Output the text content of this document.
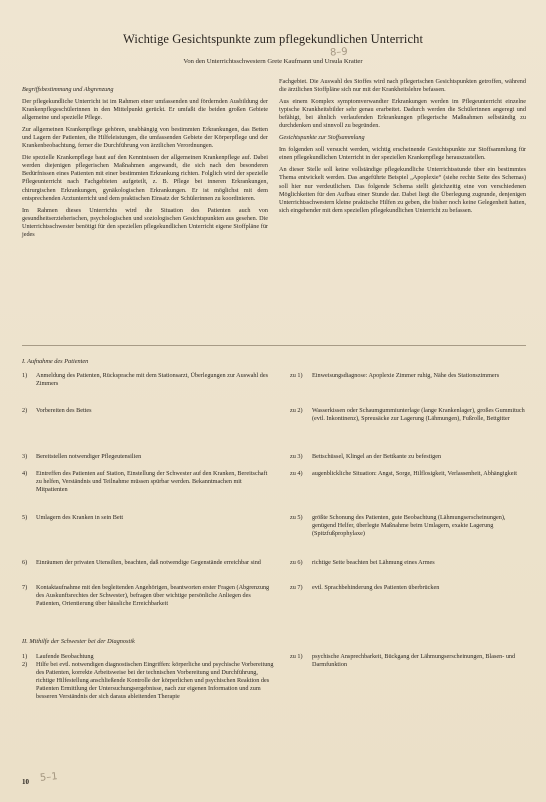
Wichtige Gesichtspunkte zum pflegekundlichen Unterricht
8–9
Von den Unterrichtsschwestern Grete Kaufmann und Ursula Kratter

Begriffsbestimmung und Abgrenzung

Der pflegekundliche Unterricht ist im Rahmen einer umfassenden und fördernden Ausbildung der Krankenpflegeschülerinnen in den Mittelpunkt gerückt. Er umfaßt die beiden großen Gebiete allgemeine und spezielle Pflege.

Zur allgemeinen Krankenpflege gehören, unabhängig von bestimmten Erkrankungen, das Betten und Lagern der Patienten, die Hilfeleistungen, die umfassenden Gebiete der Körperpflege und der Krankenbeobachtung, ferner die Durchführung von ärztlichen Verordnungen.

Die spezielle Krankenpflege baut auf den Kenntnissen der allgemeinen Krankenpflege auf. Dabei werden diejenigen pflegerischen Maßnahmen angewandt, die sich nach den besonderen Bedürfnissen eines Patienten mit einer bestimmten Erkrankung richten. Folglich wird der spezielle Pflegeunterricht nach Fachgebieten aufgeteilt, z. B. Pflege bei inneren Erkrankungen, chirurgischen Erkrankungen, gynäkologischen Erkrankungen. Er ist möglichst mit dem entsprechenden Arztunterricht und dem praktischen Einsatz der Schülerinnen zu koordinieren.

Im Rahmen dieses Unterrichts wird die Situation des Patienten auch von gesundheitserzieherischen, psychologischen und soziologischen Gesichtspunkten aus gesehen. Die Unterrichtsschwester benötigt für den speziellen pflegekundlichen Unterricht eigene Stoffpläne für jedes

Fachgebiet. Die Auswahl des Stoffes wird nach pflegerischen Gesichtspunkten getroffen, während die ärztlichen Stoffpläne sich nur mit der Krankheitslehre befassen.

Aus einem Komplex symptomverwandter Erkrankungen werden im Pflegeunterricht einzelne typische Krankheitsbilder sehr genau erarbeitet. Dadurch werden die Schülerinnen angeregt und befähigt, bei ähnlich verlaufenden Erkrankungen pflegerische Maßnahmen selbständig zu durchdenken und sinnvoll zu begründen.

Gesichtspunkte zur Stoffsammlung

Im folgenden soll versucht werden, wichtig erscheinende Gesichtspunkte zur Stoffsammlung für einen pflegekundlichen Unterricht in der speziellen Krankenpflege herauszustellen.

An dieser Stelle soll keine vollständige pflegekundliche Unterrichtsstunde über ein bestimmtes Thema entwickelt werden. Das angeführte Beispiel „Apoplexie“ (siehe rechte Seite des Schemas) soll hier nur verdeutlichen. Das folgende Schema stellt gleichzeitig eine von verschiedenen Möglichkeiten für den Aufbau einer Stunde dar. Dabei liegt die Überlegung zugrunde, denjenigen Unterrichtsschwestern kleine praktische Hilfen zu geben, die bisher noch keine Gelegenheit hatten, sich eingehender mit dem speziellen pflegekundlichen Unterricht zu befassen.

I. Aufnahme des Patienten
1)	Anmeldung des Patienten, Rücksprache mit dem Stationsarzt, Überlegungen zur Auswahl des Zimmers
zu 1) Einweisungsdiagnose: Apoplexie Zimmer ruhig, Nähe des Stationszimmers
2)	Vorbereiten des Bettes	zu 2) Wasserkissen oder Schaumgummiunterlage (lange Krankenlager), großes Gummituch (evtl. Inkontinenz), Spreusäcke zur Lagerung (Lähmungen), Fußrolle, Bettgitter
3)	Bereitstellen notwendiger Pflegeutensilien	zu 3) Bettschüssel, Klingel an der Bettkante zu befestigen
4)	Eintreffen des Patienten auf Station, Einstellung der Schwester auf den Kranken, Bereitschaft zu helfen, Verständnis und Teilnahme müssen spürbar werden. Bekanntmachen mit Mitpatienten
zu 4) augenblickliche Situation: Angst, Sorge, Hilflosigkeit, Verlassenheit, Abhängigkeit
5)	Umlagern des Kranken in sein Bett	zu 5) größte Schonung des Patienten, gute Beobachtung (Lähmungserscheinungen), genügend Helfer, überlegte Maßnahme beim Umlagern, exakte Lagerung (Spitzfußprophylaxe)
6)	Einräumen der privaten Utensilien, beachten, daß notwendige Gegenstände erreichbar sind	zu 6) richtige Seite beachten bei Lähmung eines Armes
7)	Kontaktaufnahme mit den begleitenden Angehörigen, beantworten erster Fragen (Abgrenzung des Auskunftsrechtes der Schwester), befragen über wichtige persönliche Anliegen des Patienten, Orientierung über häusliche Erreichbarkeit
zu 7) evtl. Sprachbehinderung des Patienten überbrücken
II. Mithilfe der Schwester bei der Diagnostik
1)	Laufende Beobachtung	zu 1) psychische Ansprechbarkeit, Bückgang der Lähmungserscheinungen, Blasen- und Darmfunktion
2)	Hilfe bei evtl. notwendigen diagnostischen Eingriffen: körperliche und psychische Vorbereitung des Patienten, korrekte Arbeitsweise bei der technischen Vorbereitung und Durchführung, richtige Hilfestellung anschließende Kontrolle der körperlichen und psychischen Reaktion des Patienten Ermittlung der Untersuchungsergebnisse, nach zur eigenen Information und zum besseren Verständnis der sich daraus ableitenden Therapie
10 5–1
